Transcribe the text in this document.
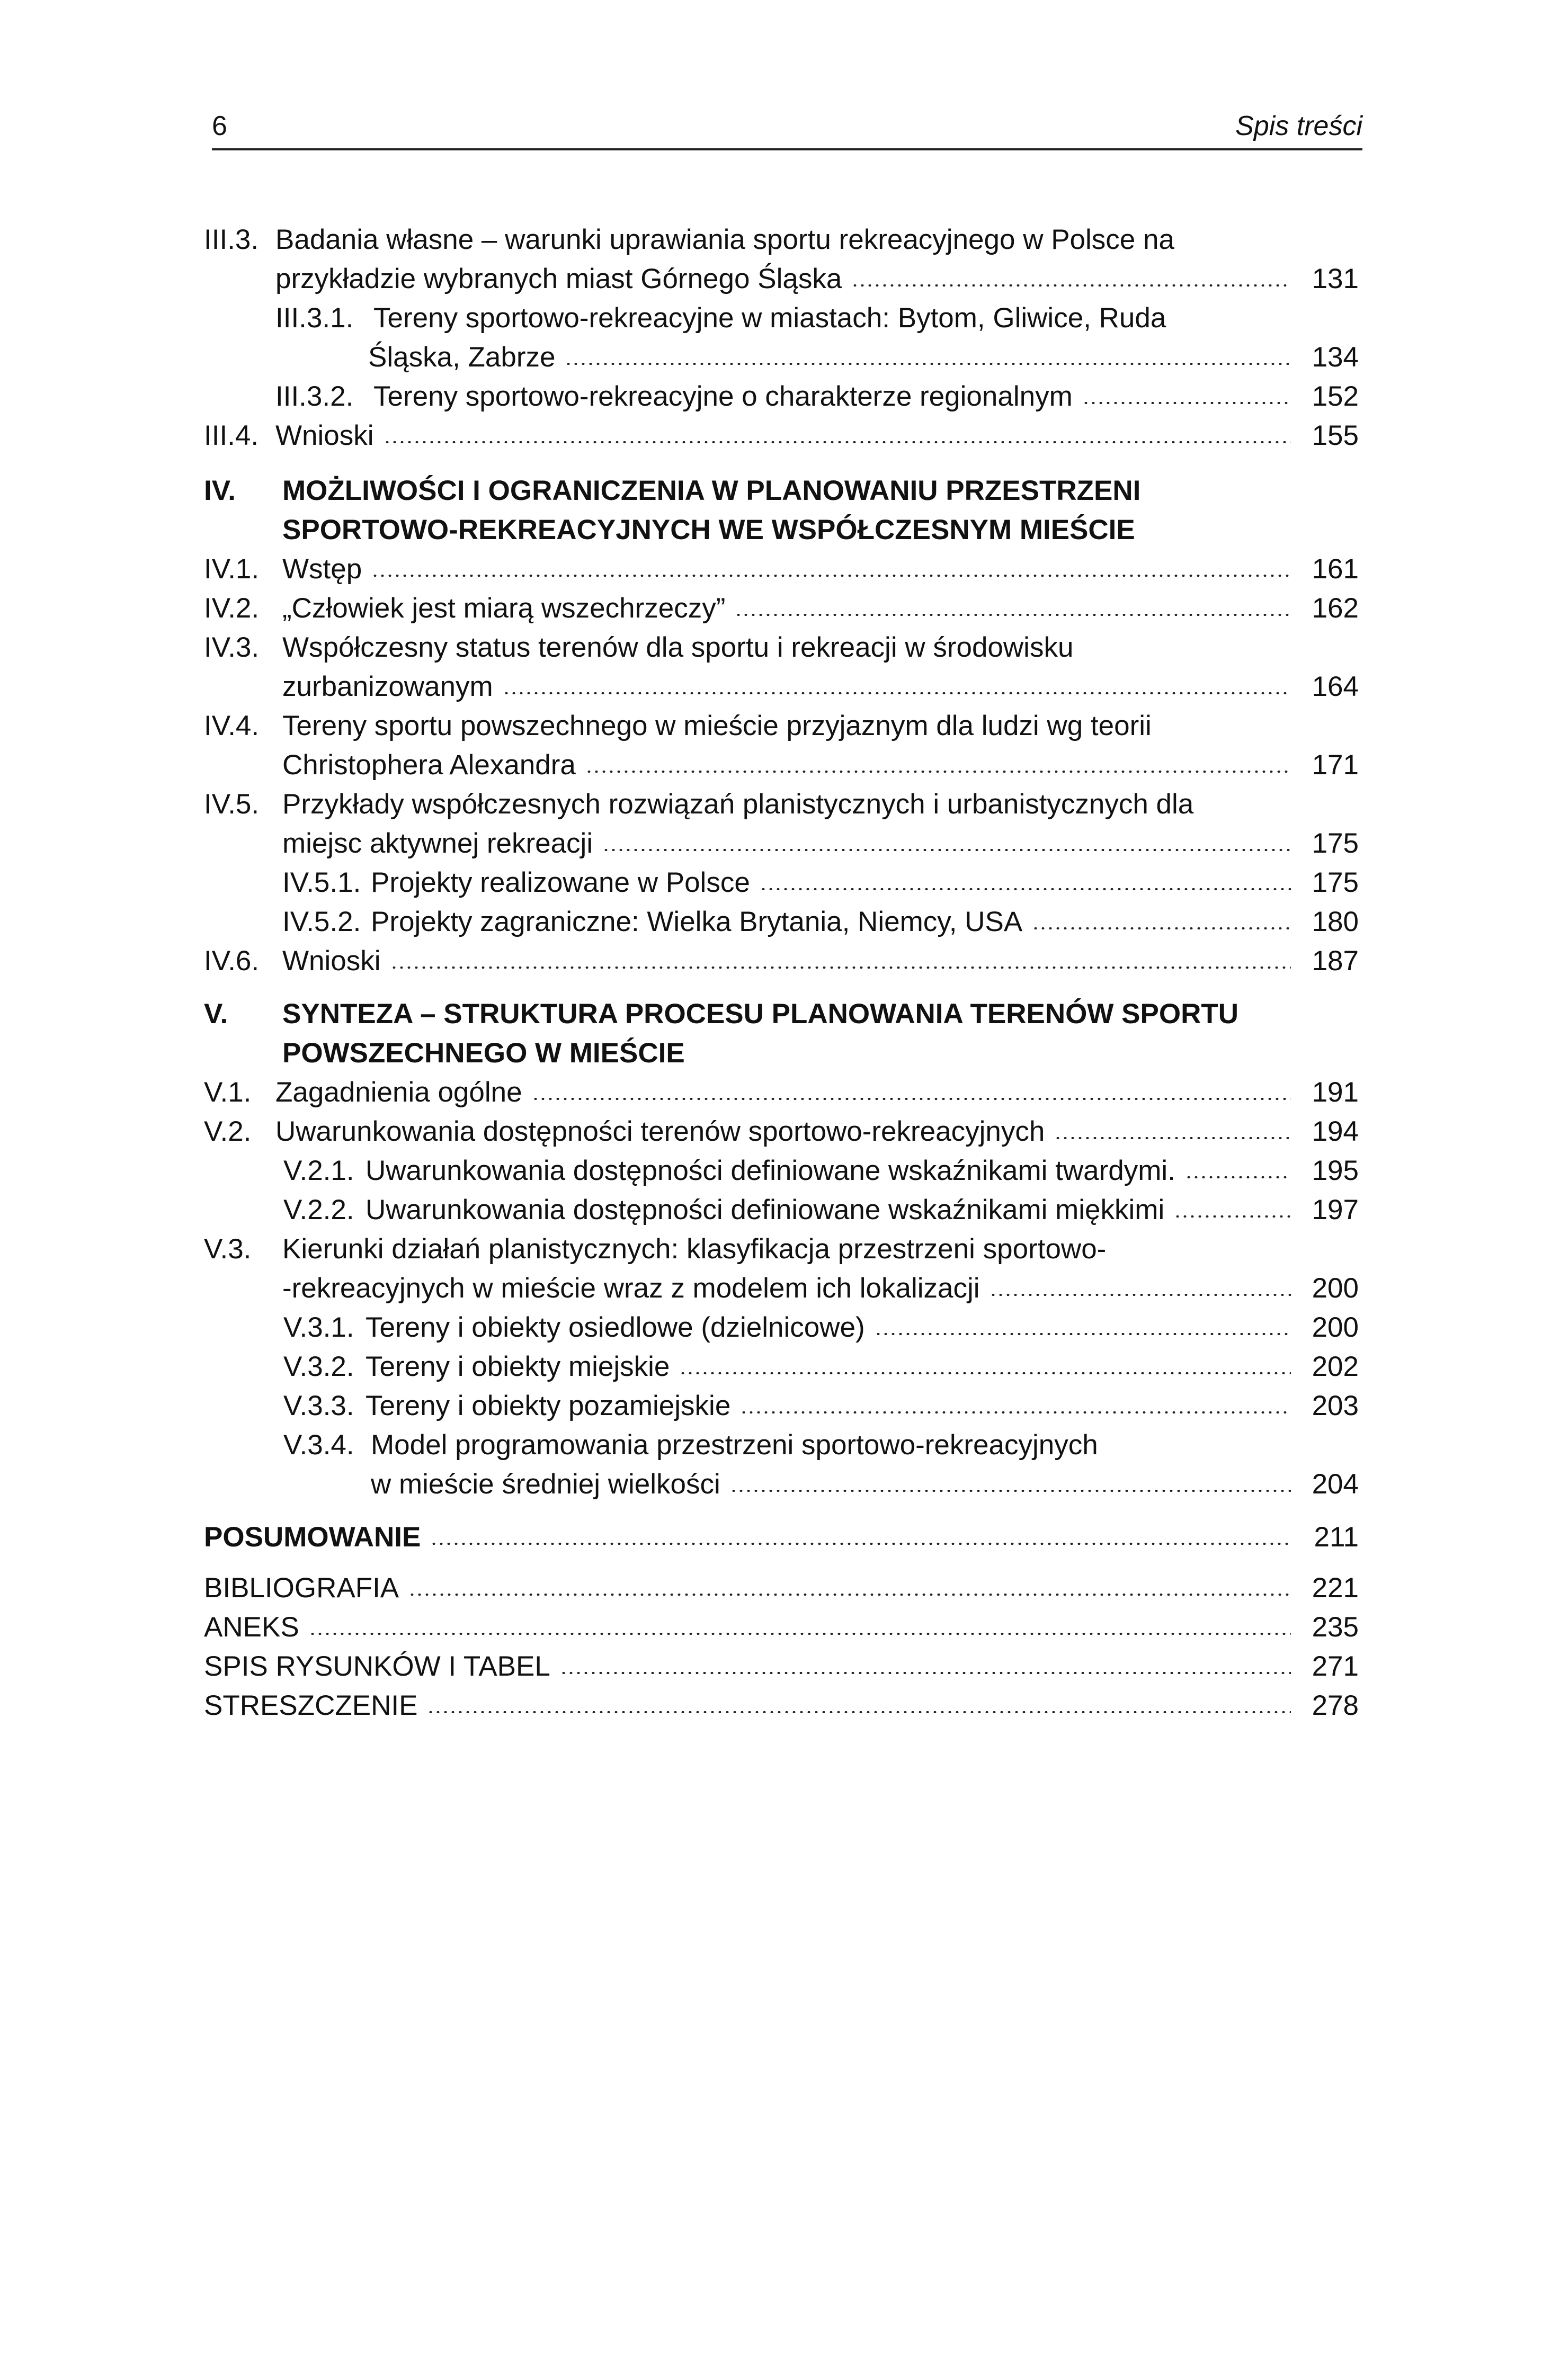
6	Spis treści
III.3. Badania własne – warunki uprawiania sportu rekreacyjnego w Polsce na
przykładzie wybranych miast Górnego Śląska	131
III.3.1. Tereny sportowo-rekreacyjne w miastach: Bytom, Gliwice, Ruda
Śląska, Zabrze	134
III.3.2. Tereny sportowo-rekreacyjne o charakterze regionalnym	152
III.4. Wnioski	155
IV. MOŻLIWOŚCI I OGRANICZENIA W PLANOWANIU PRZESTRZENI
SPORTOWO-REKREACYJNYCH WE WSPÓŁCZESNYM MIEŚCIE
IV.1. Wstęp	161
IV.2. „Człowiek jest miarą wszechrzeczy”	162
IV.3. Współczesny status terenów dla sportu i rekreacji w środowisku
zurbanizowanym	164
IV.4. Tereny sportu powszechnego w mieście przyjaznym dla ludzi wg teorii
Christophera Alexandra	171
IV.5. Przykłady współczesnych rozwiązań planistycznych i urbanistycznych dla
miejsc aktywnej rekreacji	175
IV.5.1. Projekty realizowane w Polsce	175
IV.5.2. Projekty zagraniczne: Wielka Brytania, Niemcy, USA	180
IV.6. Wnioski	187
V. SYNTEZA – STRUKTURA PROCESU PLANOWANIA TERENÓW SPORTU
POWSZECHNEGO W MIEŚCIE
V.1. Zagadnienia ogólne	191
V.2. Uwarunkowania dostępności terenów sportowo-rekreacyjnych	194
V.2.1. Uwarunkowania dostępności definiowane wskaźnikami twardymi.	195
V.2.2. Uwarunkowania dostępności definiowane wskaźnikami miękkimi	197
V.3. Kierunki działań planistycznych: klasyfikacja przestrzeni sportowo-
-rekreacyjnych w mieście wraz z modelem ich lokalizacji	200
V.3.1. Tereny i obiekty osiedlowe (dzielnicowe)	200
V.3.2. Tereny i obiekty miejskie	202
V.3.3. Tereny i obiekty pozamiejskie	203
V.3.4. Model programowania przestrzeni sportowo-rekreacyjnych
w mieście średniej wielkości	204
POSUMOWANIE	211
BIBLIOGRAFIA	221
ANEKS	235
SPIS RYSUNKÓW I TABEL	271
STRESZCZENIE	278
